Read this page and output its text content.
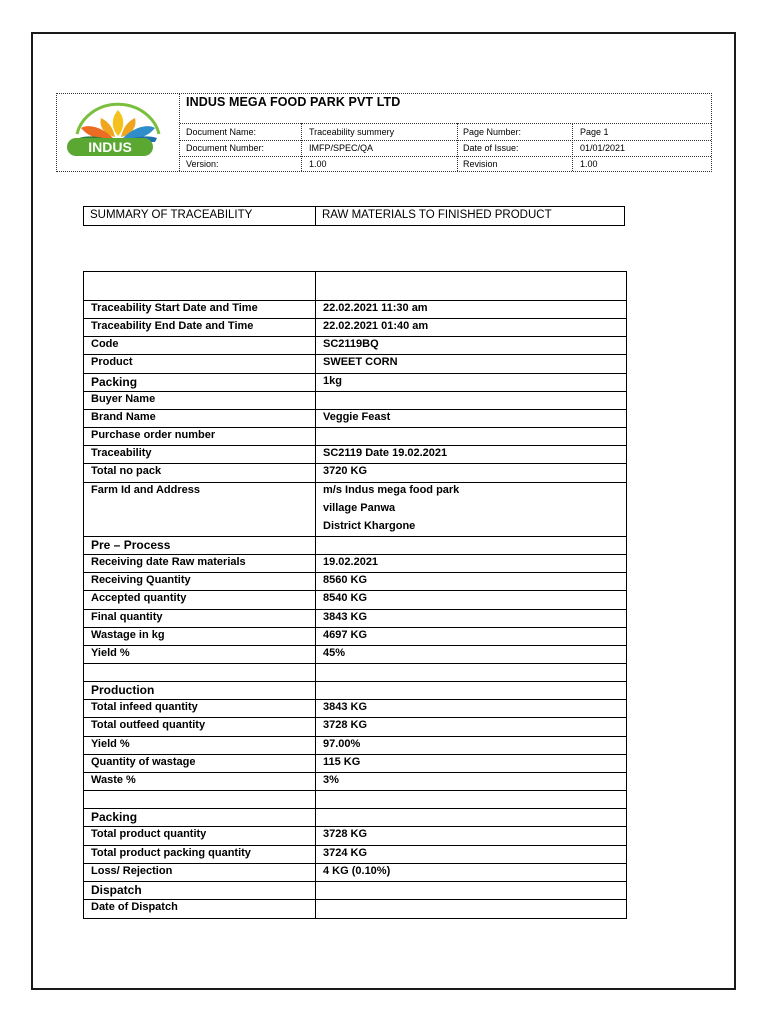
INDUS
INDUS MEGA FOOD PARK PVT LTD
Document Name:	Traceability summery	Page Number:	Page 1
Document Number:	IMFP/SPEC/QA	Date of Issue:	01/01/2021
Version:	1.00	Revision	1.00
SUMMARY OF TRACEABILITY	RAW MATERIALS TO FINISHED PRODUCT
Traceability Start Date and Time	22.02.2021 11:30 am
Traceability End Date and Time	22.02.2021 01:40 am
Code	SC2119BQ
Product	SWEET CORN
Packing	1kg
Buyer Name
Brand Name	Veggie Feast
Purchase order number
Traceability	SC2119 Date 19.02.2021
Total no pack	3720 KG
Farm Id and Address	m/s Indus mega food park
village Panwa
District Khargone
Pre – Process
Receiving date Raw materials	19.02.2021
Receiving Quantity	8560 KG
Accepted quantity	8540 KG
Final quantity	3843 KG
Wastage in kg	4697 KG
Yield %	45%
Production
Total infeed quantity	3843 KG
Total outfeed quantity	3728 KG
Yield %	97.00%
Quantity of wastage	115 KG
Waste %	3%
Packing
Total product quantity	3728 KG
Total product packing quantity	3724 KG
Loss/ Rejection	4 KG (0.10%)
Dispatch
Date of Dispatch
